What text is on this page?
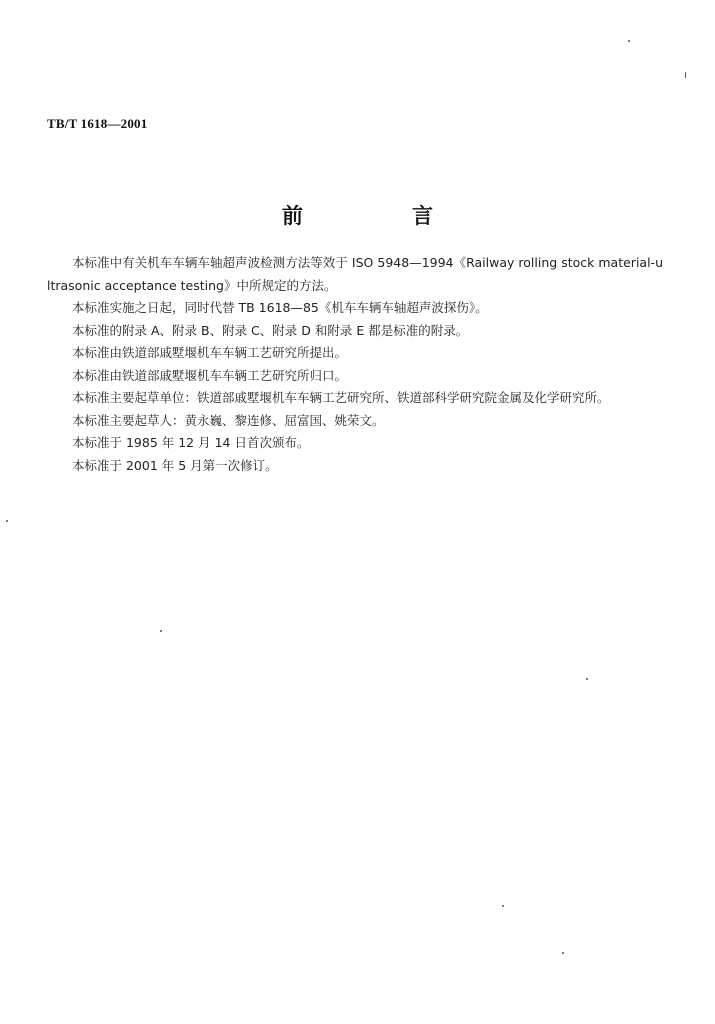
TB/T 1618—2001
前　言

本标准中有关机车车辆车轴超声波检测方法等效于 ISO 5948—1994《Railway rolling stock material-ultrasonic acceptance testing》中所规定的方法。

本标准实施之日起，同时代替 TB 1618—85《机车车辆车轴超声波探伤》。

本标准的附录 A、附录 B、附录 C、附录 D 和附录 E 都是标准的附录。

本标准由铁道部戚墅堰机车车辆工艺研究所提出。

本标准由铁道部戚墅堰机车车辆工艺研究所归口。

本标准主要起草单位：铁道部戚墅堰机车车辆工艺研究所、铁道部科学研究院金属及化学研究所。

本标准主要起草人：黄永巍、黎连修、屈富国、姚荣文。

本标准于 1985 年 12 月 14 日首次颁布。

本标准于 2001 年 5 月第一次修订。
